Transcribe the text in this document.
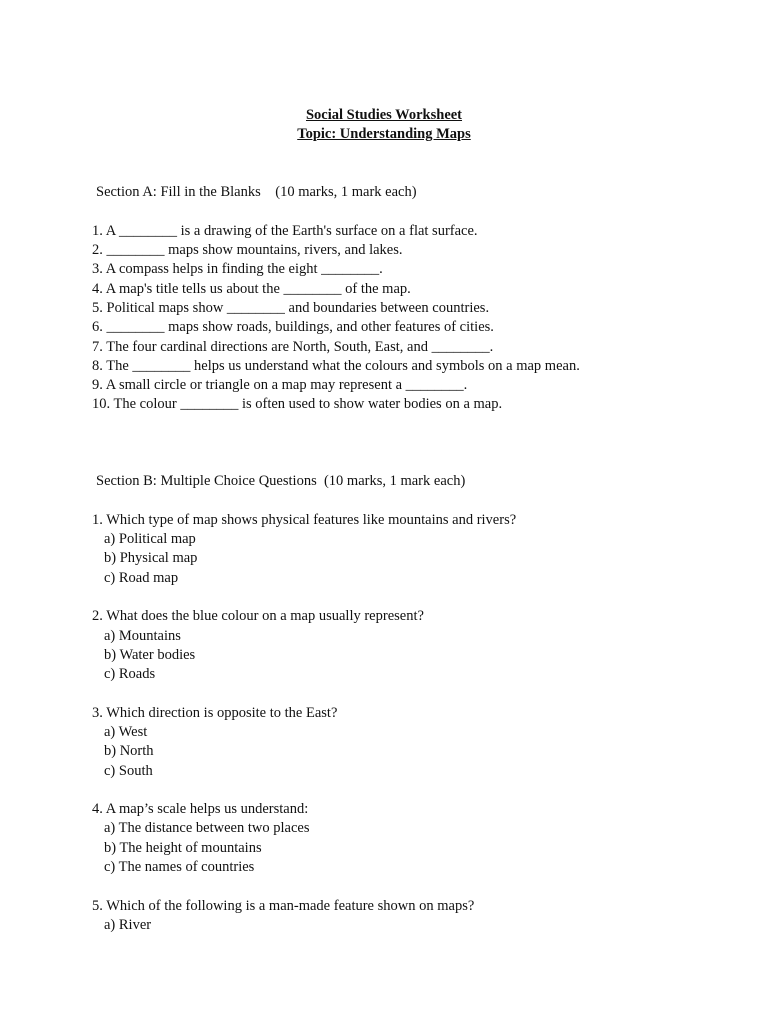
Social Studies Worksheet
Topic: Understanding Maps
Section A: Fill in the Blanks    (10 marks, 1 mark each)
1. A ________ is a drawing of the Earth's surface on a flat surface.
2. ________ maps show mountains, rivers, and lakes.
3. A compass helps in finding the eight ________.
4. A map's title tells us about the ________ of the map.
5. Political maps show ________ and boundaries between countries.
6. ________ maps show roads, buildings, and other features of cities.
7. The four cardinal directions are North, South, East, and ________.
8. The ________ helps us understand what the colours and symbols on a map mean.
9. A small circle or triangle on a map may represent a ________.
10. The colour ________ is often used to show water bodies on a map.
Section B: Multiple Choice Questions  (10 marks, 1 mark each)
1. Which type of map shows physical features like mountains and rivers?
a) Political map
b) Physical map
c) Road map
2. What does the blue colour on a map usually represent?
a) Mountains
b) Water bodies
c) Roads
3. Which direction is opposite to the East?
a) West
b) North
c) South
4. A map’s scale helps us understand:
a) The distance between two places
b) The height of mountains
c) The names of countries
5. Which of the following is a man-made feature shown on maps?
a) River
